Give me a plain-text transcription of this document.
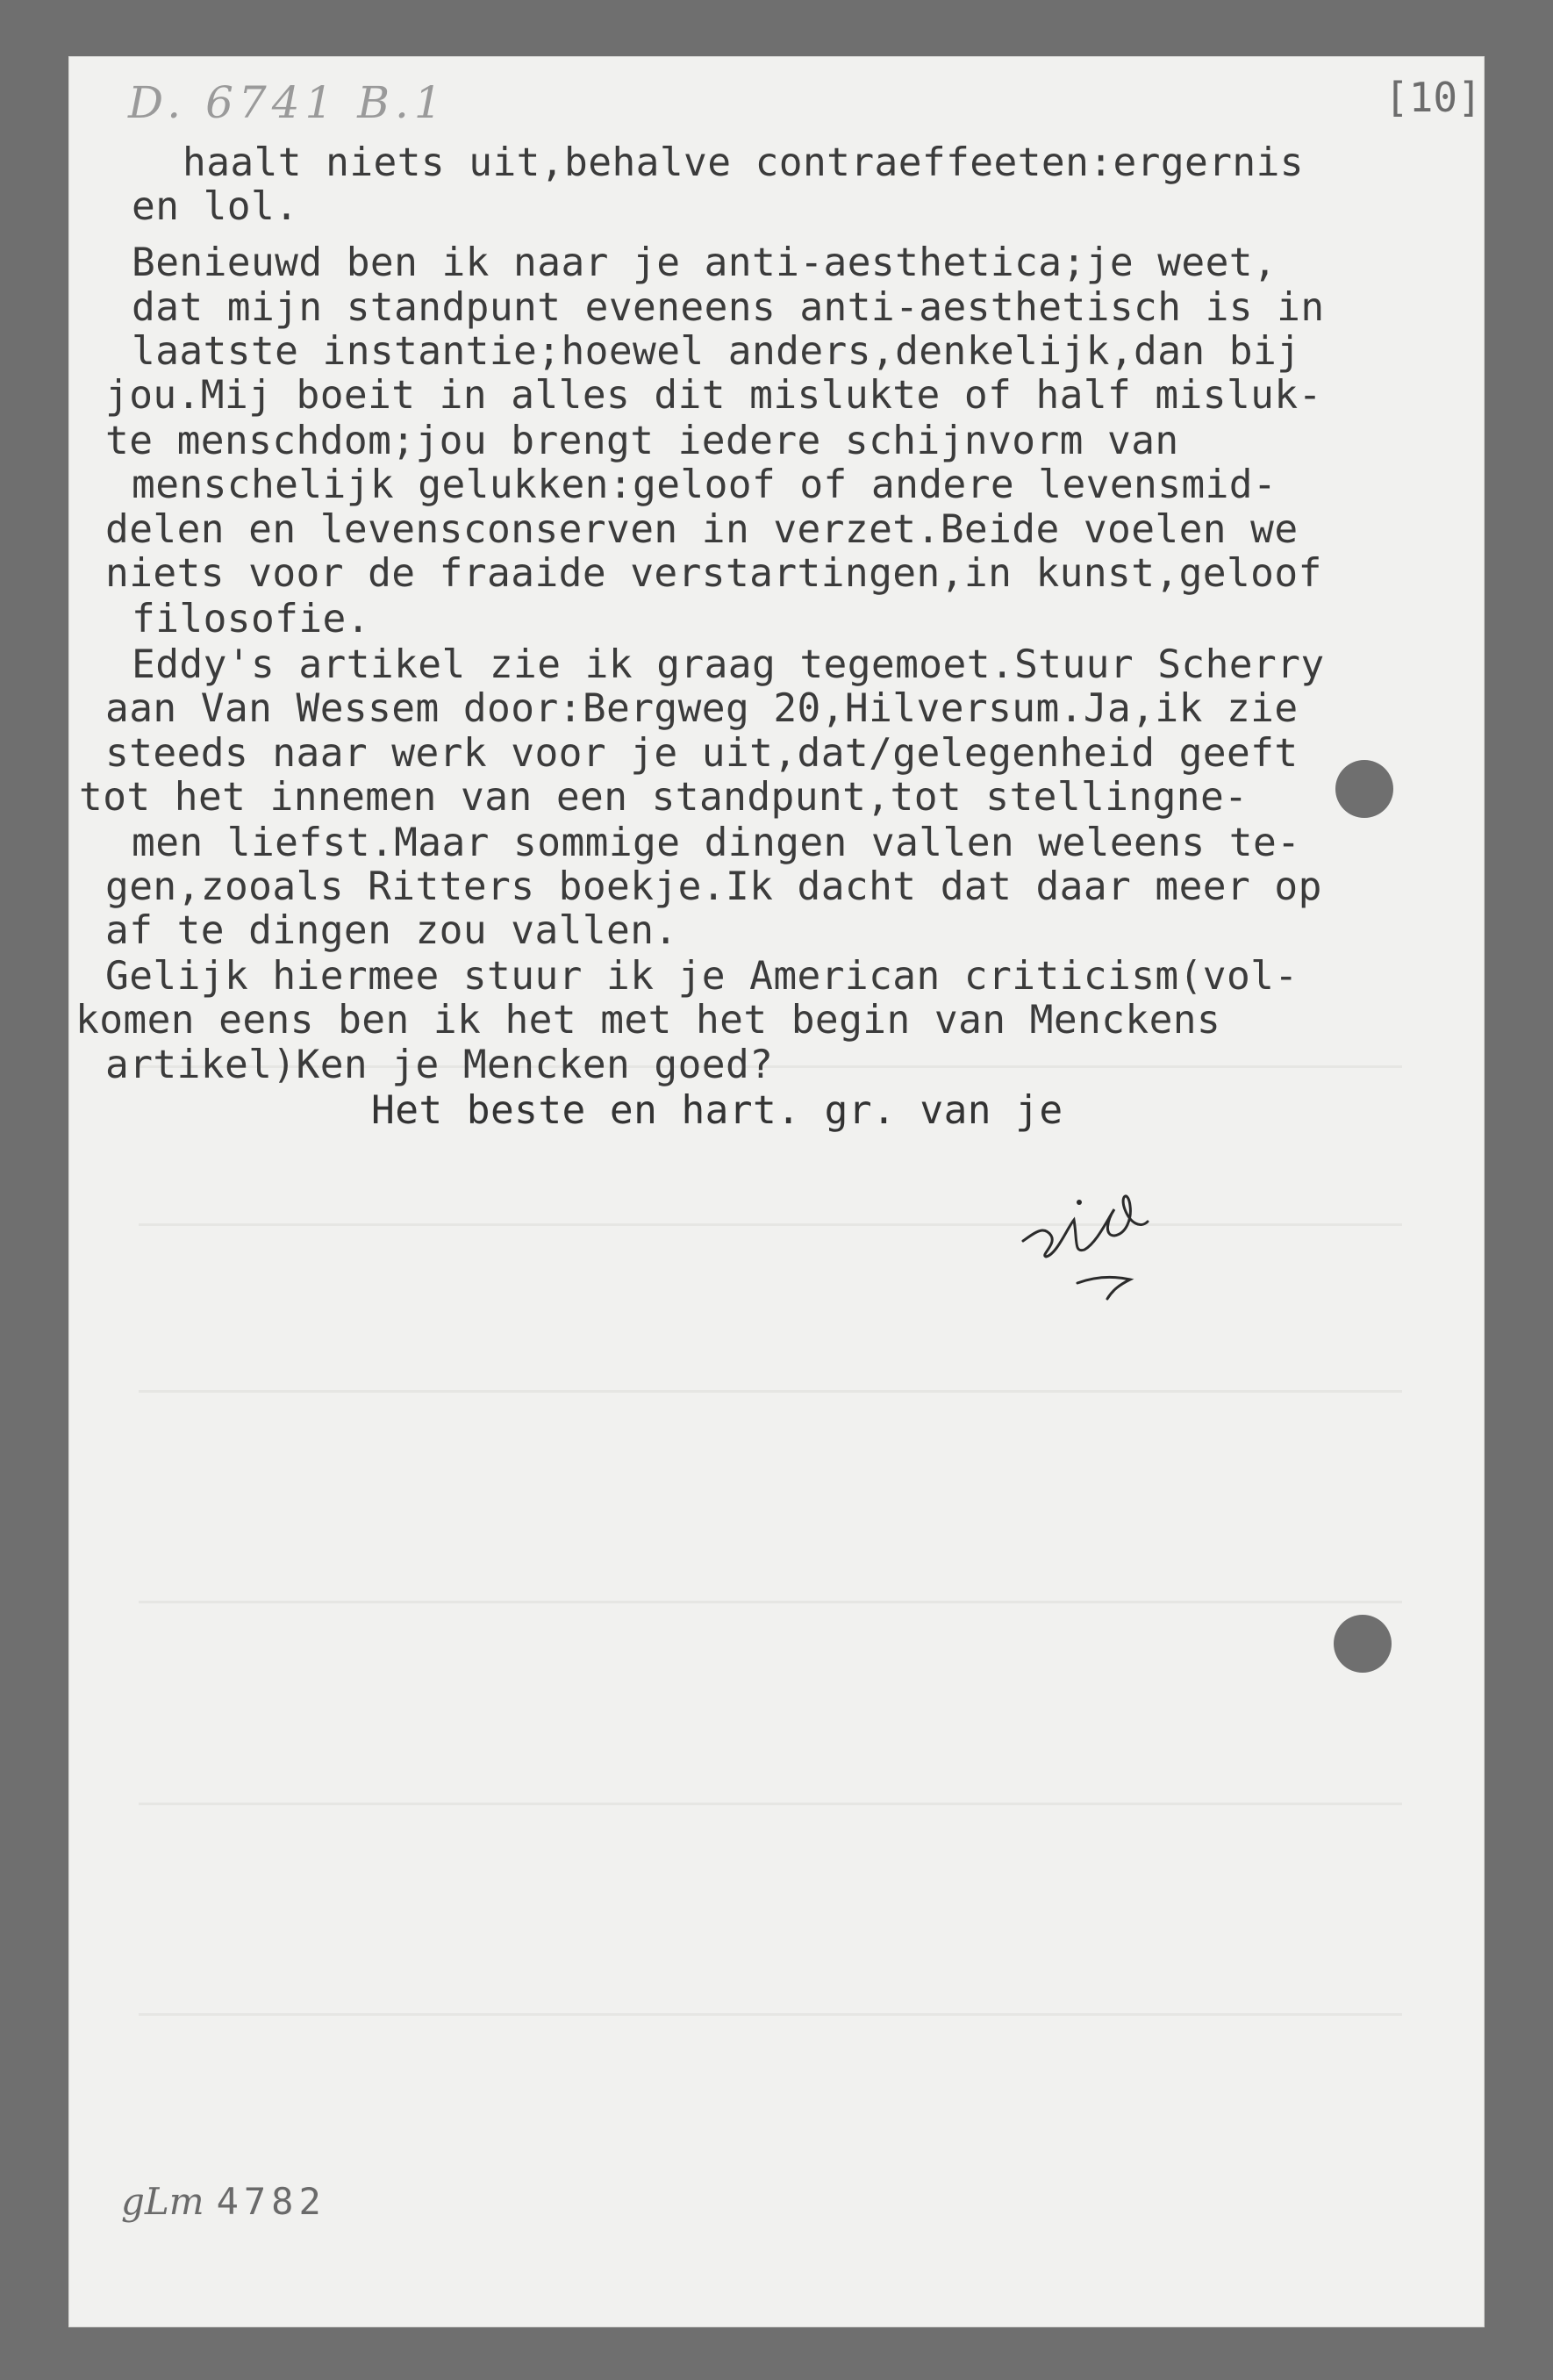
D. 6741 B.1	[10]
haalt niets uit,behalve contraeffeeten:ergernis
en lol.
Benieuwd ben ik naar je anti-aesthetica;je weet,
dat mijn standpunt eveneens anti-aesthetisch is in
laatste instantie;hoewel anders,denkelijk,dan bij
jou.Mij boeit in alles dit mislukte of half misluk-
te menschdom;jou brengt iedere schijnvorm van
menschelijk gelukken:geloof of andere levensmid-
delen en levensconserven in verzet.Beide voelen we
niets voor de fraaide verstartingen,in kunst,geloof
filosofie.
Eddy's artikel zie ik graag tegemoet.Stuur Scherry
aan Van Wessem door:Bergweg 20,Hilversum.Ja,ik zie
steeds naar werk voor je uit,dat/gelegenheid geeft
tot het innemen van een standpunt,tot stellingne-
men liefst.Maar sommige dingen vallen weleens te-
gen,zooals Ritters boekje.Ik dacht dat daar meer op
af te dingen zou vallen.
Gelijk hiermee stuur ik je American criticism(vol-
komen eens ben ik het met het begin van Menckens
artikel)Ken je Mencken goed?
Het beste en hart. gr. van je
gLm 4782
